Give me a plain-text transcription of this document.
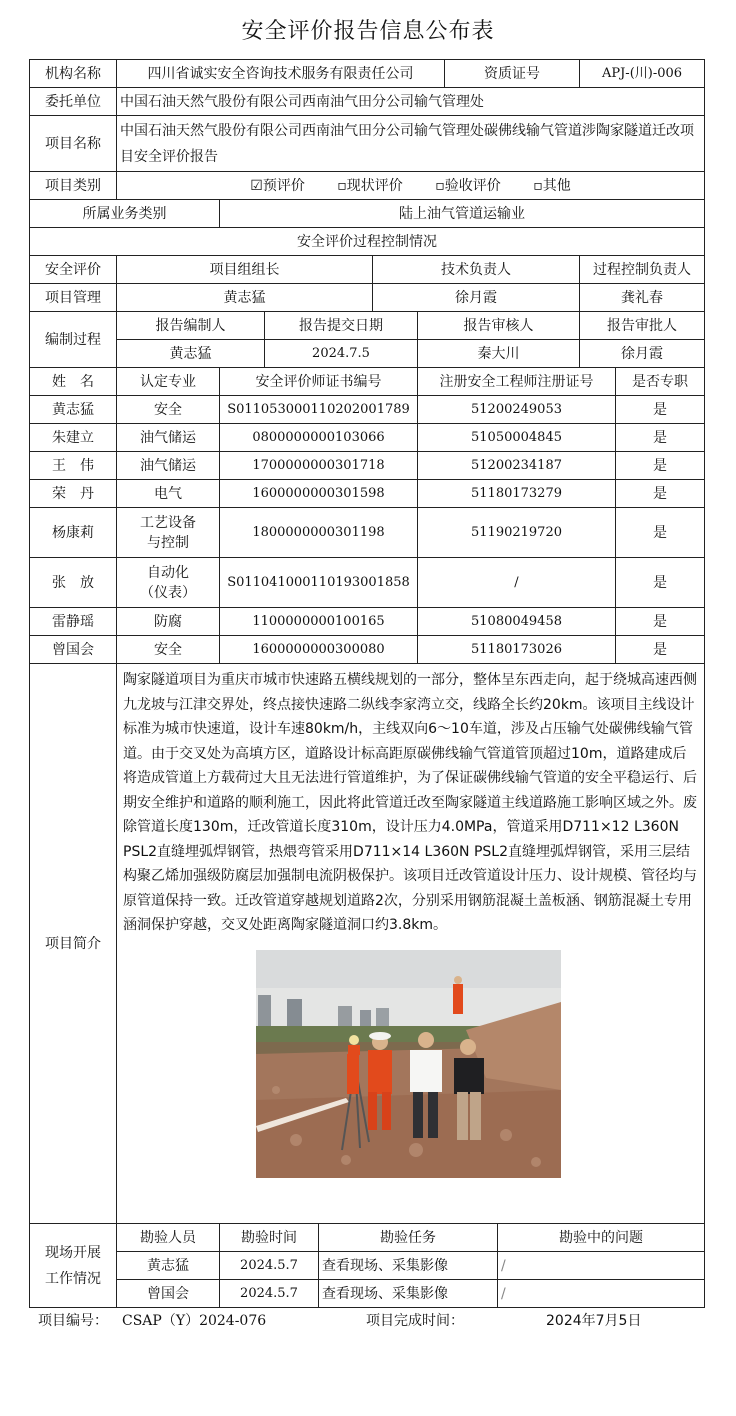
安全评价报告信息公布表
机构名称	四川省诚实安全咨询技术服务有限责任公司						资质证号		APJ-(川)-006	
委托单位	中国石油天然气股份有限公司西南油气田分公司输气管理处									
项目名称	中国石油天然气股份有限公司西南油气田分公司输气管理处碳佛线输气管道涉陶家隧道迁改项目安全评价报告									
项目类别	☑预评价 ▫现状评价 ▫验收评价 ▫其他									
所属业务类别		陆上油气管道运输业								
安全评价过程控制情况										
安全评价	项目组组长				技术负责人				过程控制负责人	
项目管理	黄志猛				徐月霞				龚礼春	
编制过程	报告编制人		报告提交日期			报告审核人			报告审批人	
	黄志猛		2024.7.5			秦大川			徐月霞	
姓　名	认定专业	安全评价师证书编号				注册安全工程师注册证号				是否专职
黄志猛	安全	S011053000110202001789				51200249053				是
朱建立	油气储运	0800000000103066				51050004845				是
王　伟	油气储运	1700000000301718				51200234187				是
荣　丹	电气	1600000000301598				51180173279				是
杨康莉	工艺设备
与控制	1800000000301198				51190219720				是
张　放	自动化
（仪表）	S011041000110193001858				/				是
雷静瑶	防腐	1100000000100165				51080049458				是
曾国会	安全	1600000000300080				51180173026				是
项目简介	陶家隧道项目为重庆市城市快速路五横线规划的一部分，整体呈东西走向，起于绕城高速西侧九龙坡与江津交界处，终点接快速路二纵线李家湾立交，线路全长约20km。该项目主线设计标准为城市快速道，设计车速80km/h，主线双向6～10车道，涉及占压输气处碳佛线输气管道。由于交叉处为高填方区，道路设计标高距原碳佛线输气管道管顶超过10m，道路建成后将造成管道上方载荷过大且无法进行管道维护，为了保证碳佛线输气管道的安全平稳运行、后期安全维护和道路的顺利施工，因此将此管道迁改至陶家隧道主线道路施工影响区域之外。废除管道长度130m，迁改管道长度310m，设计压力4.0MPa，管道采用D711×12 L360N PSL2直缝埋弧焊钢管，热煨弯管采用D711×14 L360N PSL2直缝埋弧焊钢管，采用三层结构聚乙烯加强级防腐层加强制电流阴极保护。该项目迁改管道设计压力、设计规模、管径均与原管道保持一致。迁改管道穿越规划道路2次，分别采用钢筋混凝土盖板涵、钢筋混凝土专用涵洞保护穿越，交叉处距离陶家隧道洞口约3.8km。									

现场开展
工作情况	勘验人员	勘验时间		勘验任务				勘验中的问题		
	黄志猛	2024.5.7		查看现场、采集影像				/		
	曾国会	2024.5.7		查看现场、采集影像				/		
项目编号： CSAP（Y）2024-076	项目完成时间：	2024年7月5日
